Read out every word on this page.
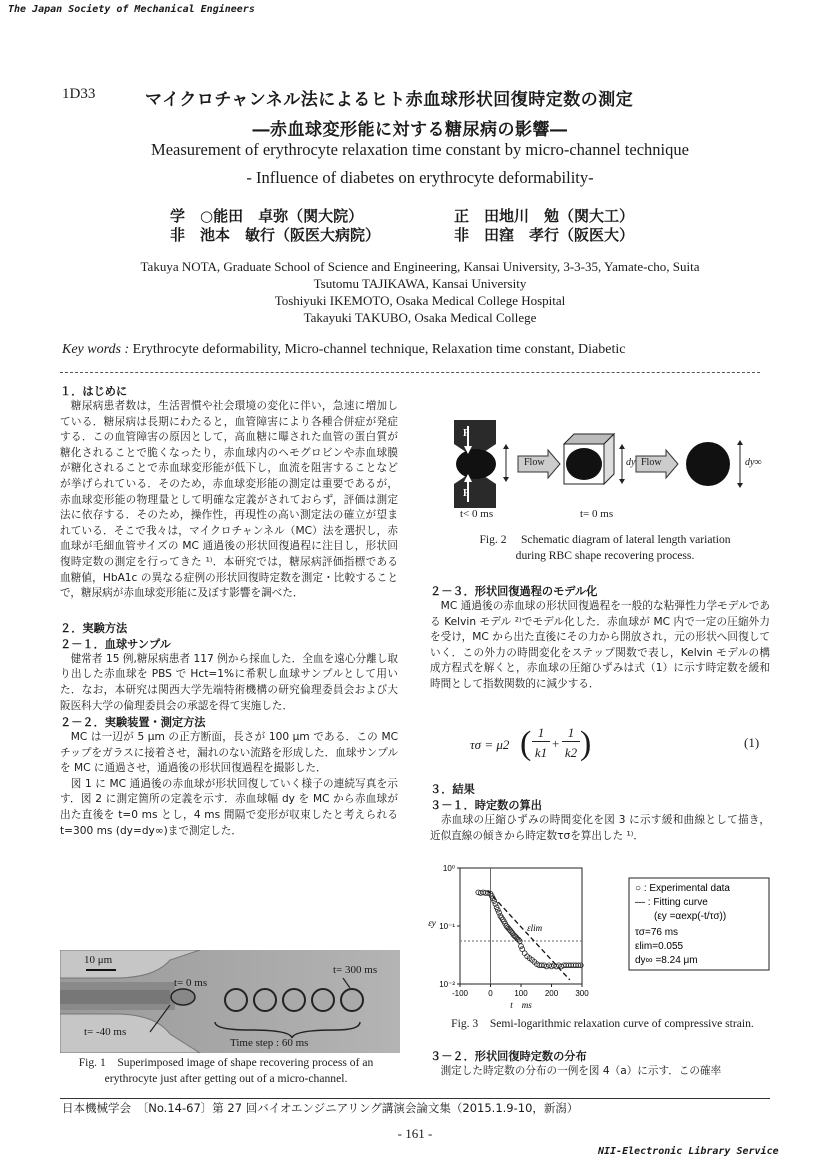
The Japan Society of Mechanical Engineers
1D33	マイクロチャンネル法によるヒト赤血球形状回復時定数の測定
―赤血球変形能に対する糖尿病の影響―
Measurement of erythrocyte relaxation time constant by micro-channel technique
- Influence of diabetes on erythrocyte deformability-
学　 ○能田　卓弥（関大院）	正　 田地川　勉（関大工）
非　 池本　敏行（阪医大病院）	非　 田窪　孝行（阪医大）
Takuya NOTA, Graduate School of Science and Engineering, Kansai University, 3-3-35, Yamate-cho, Suita
Tsutomu TAJIKAWA, Kansai University
Toshiyuki IKEMOTO, Osaka Medical College Hospital
Takayuki TAKUBO, Osaka Medical College
Key words : Erythrocyte deformability, Micro-channel technique, Relaxation time constant, Diabetic
１．はじめに
　糖尿病患者数は，生活習慣や社会環境の変化に伴い，急速に増加している．糖尿病は長期にわたると，血管障害により各種合併症が発症する．この血管障害の原因として，高血糖に曝された血管の蛋白質が糖化されることで脆くなったり，赤血球内のヘモグロビンや赤血球膜が糖化されることで赤血球変形能が低下し，血流を阻害することなどが挙げられている．そのため，赤血球変形能の測定は重要であるが，赤血球変形能の物理量として明確な定義がされておらず，評価は測定法に依存する．そのため，操作性，再現性の高い測定法の確立が望まれている．そこで我々は，マイクロチャンネル（MC）法を選択し，赤血球が毛細血管サイズの MC 通過後の形状回復過程に注目し，形状回復時定数の測定を行ってきた ¹⁾．本研究では，糖尿病評価指標である血糖値，HbA1c の異なる症例の形状回復時定数を測定・比較することで，糖尿病が赤血球変形能に及ぼす影響を調べた．
２．実験方法
２－１．血球サンプル
　健常者 15 例,糖尿病患者 117 例から採血した．全血を遠心分離し取り出した赤血球を PBS で Hct=1%に希釈し血球サンプルとして用いた．なお，本研究は関西大学先端特術機構の研究倫理委員会および大阪医科大学の倫理委員会の承認を得て実施した．
２－２．実験装置・測定方法
　MC は一辺が 5 μm の正方断面，長さが 100 μm である．この MC チップをガラスに接着させ，漏れのない流路を形成した．血球サンプルを MC に通過させ，通過後の形状回復過程を撮影した．
　図 1 に MC 通過後の赤血球が形状回復していく様子の連続写真を示す．図 2 に測定箇所の定義を示す．赤血球幅 dy を MC から赤血球が出た直後を t=0 ms とし，4 ms 間隔で変形が収束したと考えられる t=300 ms (dy=dy∞)まで測定した．
10 μm
t= 0 ms
t= 300 ms
t= -40 ms
Time step : 60 ms
Fig. 1　Superimposed image of shape recovering process of an
erythrocyte just after getting out of a micro-channel.
F
F
Flow	dy Flow	dy∞
t< 0 ms	t= 0 ms
Fig. 2　 Schematic diagram of lateral length variation
during RBC shape recovering process.
２－３．形状回復過程のモデル化
　MC 通過後の赤血球の形状回復過程を一般的な粘弾性力学モデルである Kelvin モデル ²⁾でモデル化した．赤血球が MC 内で一定の圧縮外力を受け，MC から出た直後にその力から開放され，元の形状へ回復していく．この外力の時間変化をステップ関数で表し，Kelvin モデルの構成方程式を解くと，赤血球の圧縮ひずみは式（1）に示す時定数を緩和時間として指数関数的に減少する．
τσ = μ2 ( 1
k1
+
1
k2 )	(1)
３．結果
３－１．時定数の算出
　赤血球の圧縮ひずみの時間変化を図 3 に示す緩和曲線として描き，近似直線の傾きから時定数τσを算出した ¹⁾．
10⁰
10⁻¹
10⁻²
-100	0	100 200 300
t　ms
εy
εlim
○ : Experimental data
― : Fitting curve
(εy =αexp(-t/τσ))
τσ=76 ms
εlim=0.055
dy∞ =8.24 μm
Fig. 3　Semi-logarithmic relaxation curve of compressive strain.
３－２．形状回復時定数の分布
　測定した時定数の分布の一例を図 4（a）に示す．この確率
日本機械学会　〔No.14-67〕第 27 回バイオエンジニアリング講演会論文集（2015.1.9-10，新潟）
- 161 -
NII-Electronic Library Service
